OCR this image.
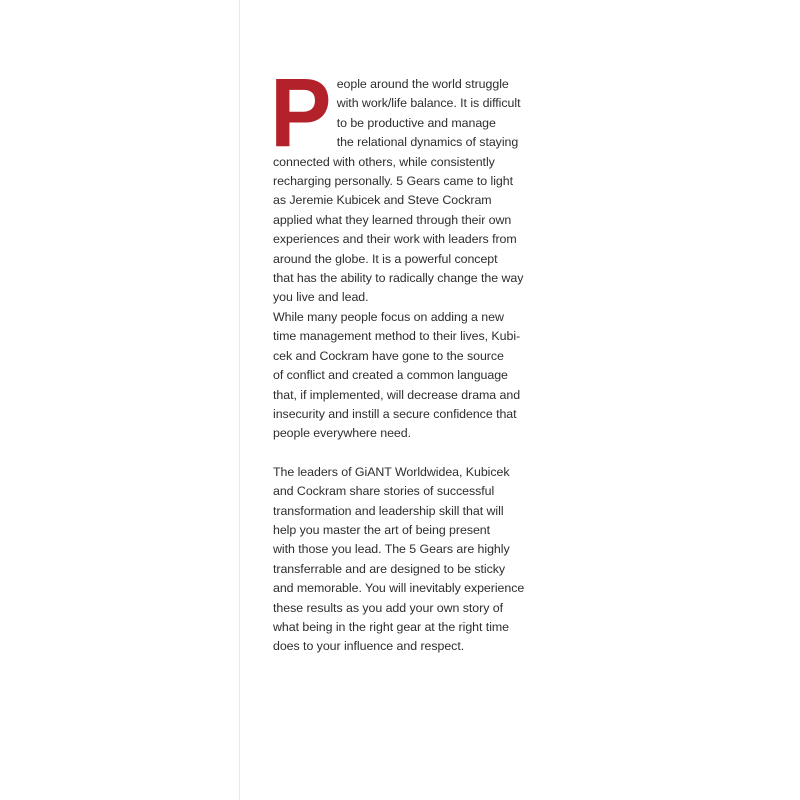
P eople around the world struggle
with work/life balance. It is difficult
to be productive and manage
the relational dynamics of staying
connected with others, while consistently
recharging personally. 5 Gears came to light
as Jeremie Kubicek and Steve Cockram
applied what they learned through their own
experiences and their work with leaders from
around the globe. It is a powerful concept
that has the ability to radically change the way
you live and lead.

While many people focus on adding a new
time management method to their lives, Kubi-
cek and Cockram have gone to the source
of conflict and created a common language
that, if implemented, will decrease drama and
insecurity and instill a secure confidence that
people everywhere need.

The leaders of GiANT Worldwidea, Kubicek
and Cockram share stories of successful
transformation and leadership skill that will
help you master the art of being present
with those you lead. The 5 Gears are highly
transferrable and are designed to be sticky
and memorable. You will inevitably experience
these results as you add your own story of
what being in the right gear at the right time
does to your influence and respect.
